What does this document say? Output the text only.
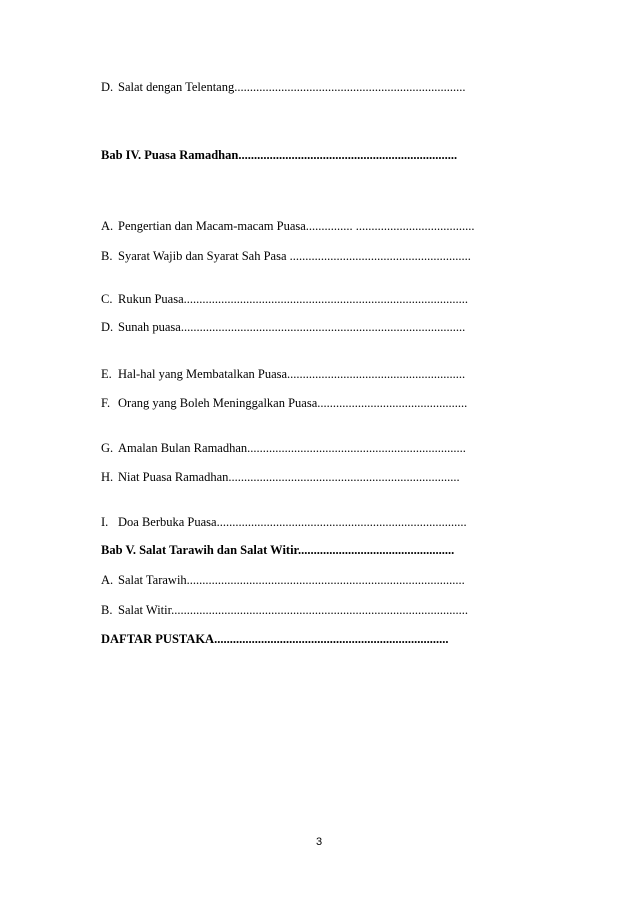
D. Salat dengan Telentang..........................................................................
Bab IV. Puasa Ramadhan......................................................................
A. Pengertian dan Macam-macam Puasa............... ......................................
B. Syarat Wajib dan Syarat Sah Pasa ..........................................................
C. Rukun Puasa...........................................................................................
D. Sunah puasa...........................................................................................
E. Hal-hal yang Membatalkan Puasa.........................................................
F. Orang yang Boleh Meninggalkan Puasa................................................
G. Amalan Bulan Ramadhan......................................................................
H. Niat Puasa Ramadhan..........................................................................
I. Doa Berbuka Puasa................................................................................
Bab V. Salat Tarawih dan Salat Witir..................................................
A. Salat Tarawih.........................................................................................
B. Salat Witir...............................................................................................
DAFTAR PUSTAKA...........................................................................
3
